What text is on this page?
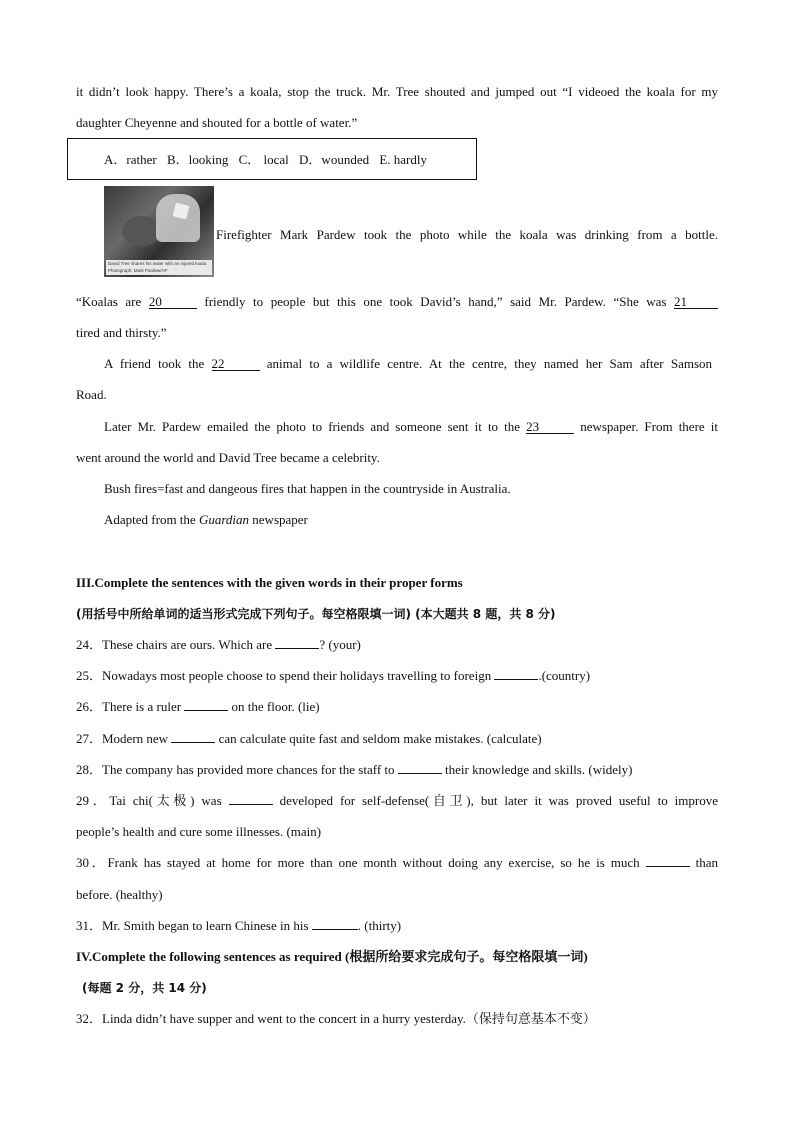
it didn’t look happy. There’s a koala, stop the truck. Mr. Tree shouted and jumped out “I videoed the koala for my
daughter Cheyenne and shouted for a bottle of water.”
A．rather B．looking C． local D．wounded E. hardly
David Tree shares his water with an injured koala.
Photograph: Mark Pardew/AP
Firefighter Mark Pardew took the photo while the koala was drinking from a bottle.
“Koalas are 20	friendly to people but this one took David’s hand,” said Mr. Pardew. “She was 21
tired and thirsty.”
A friend took the 22	animal to a wildlife centre. At the centre, they named her Sam after Samson
Road.
Later Mr. Pardew emailed the photo to friends and someone sent it to the 23	newspaper. From there it
went around the world and David Tree became a celebrity.
Bush fires=fast and dangeous fires that happen in the countryside in Australia.
Adapted from the Guardian newspaper
III.Complete the sentences with the given words in their proper forms
(用括号中所给单词的适当形式完成下列句子。每空格限填一词) (本大题共 8 题，共 8 分)
24．These chairs are ours. Which are	? (your)
25．Nowadays most people choose to spend their holidays travelling to foreign	.(country)
26．There is a ruler	on the floor. (lie)
27．Modern new	can calculate quite fast and seldom make mistakes. (calculate)
28．The company has provided more chances for the staff to	their knowledge and skills. (widely)
29．Tai chi(太极) was	developed for self-defense(自卫), but later it was proved useful to improve
people’s health and cure some illnesses. (main)
30．Frank has stayed at home for more than one month without doing any exercise, so he is much	than
before. (healthy)
31．Mr. Smith began to learn Chinese in his	. (thirty)
IV.Complete the following sentences as required (根据所给要求完成句子。每空格限填一词)
(每题 2 分，共 14 分)
32．Linda didn’t have supper and went to the concert in a hurry yesterday.（保持句意基本不变）
